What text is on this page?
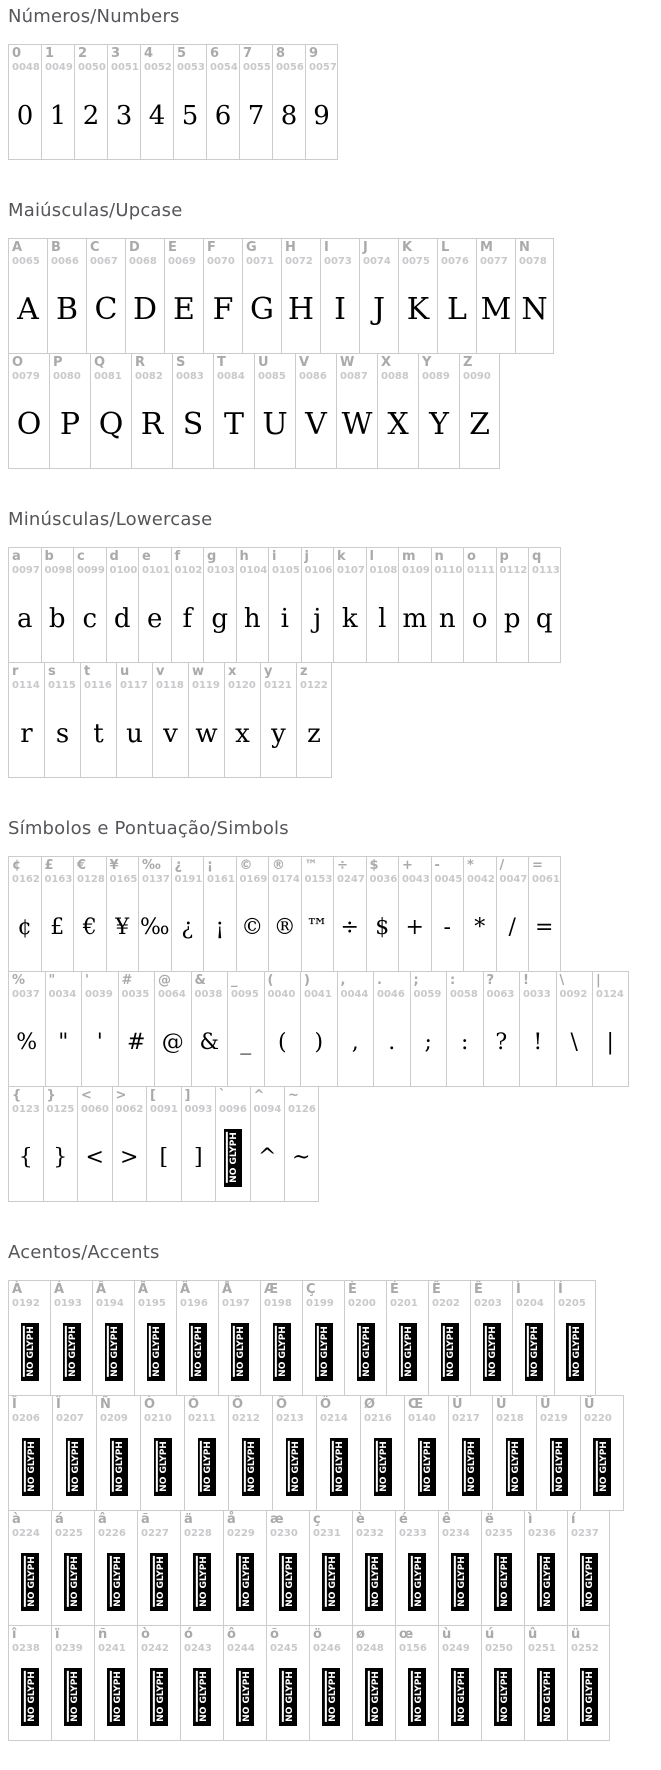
Números/Numbers
0
0048
0
1
0049
1
2
0050
2
3
0051
3
4
0052
4
5
0053
5
6
0054
6
7
0055
7
8
0056
8
9
0057
9
Maiúsculas/Upcase
A
0065
A
B
0066
B
C
0067
C
D
0068
D
E
0069
E
F
0070
F
G
0071
G
H
0072
H
I
0073
I
J
0074
J
K
0075
K
L
0076
L
M
0077
M
N
0078
N
O
0079
O
P
0080
P
Q
0081
Q
R
0082
R
S
0083
S
T
0084
T
U
0085
U
V
0086
V
W
0087
W
X
0088
X
Y
0089
Y
Z
0090
Z
Minúsculas/Lowercase
a
0097
a
b
0098
b
c
0099
c
d
0100
d
e
0101
e
f
0102
f
g
0103
g
h
0104
h
i
0105
i
j
0106
j
k
0107
k
l
0108
l
m
0109
m
n
0110
n
o
0111
o
p
0112
p
q
0113
q
r
0114
r
s
0115
s
t
0116
t
u
0117
u
v
0118
v
w
0119
w
x
0120
x
y
0121
y
z
0122
z
Símbolos e Pontuação/Simbols
¢
0162
¢
£
0163
£
€
0128
€
¥
0165
¥
‰
0137
‰
¿
0191
¿
¡
0161
¡
©
0169
©
®
0174
®
™
0153
™
÷
0247
÷
$
0036
$
+
0043
+
-
0045
-
*
0042
*
/
0047
/
=
0061
=
%
0037
%
"
0034
"
'
0039
'
#
0035
#
@
0064
@
&
0038
&
_
0095
_
(
0040
(
)
0041
)
,
0044
,
.
0046
.
;
0059
;
:
0058
:
?
0063
?
!
0033
!
\
0092
\
|
0124
|
{
0123
{
}
0125
}
<
0060
<
>
0062
>
[
0091
[
]
0093
]
`
0096
NO GLYPH
^
0094
^
~
0126
~
Acentos/Accents
À
0192
NO GLYPH
Á
0193
NO GLYPH
Â
0194
NO GLYPH
Ã
0195
NO GLYPH
Ä
0196
NO GLYPH
Å
0197
NO GLYPH
Æ
0198
NO GLYPH
Ç
0199
NO GLYPH
È
0200
NO GLYPH
É
0201
NO GLYPH
Ê
0202
NO GLYPH
Ë
0203
NO GLYPH
Ì
0204
NO GLYPH
Í
0205
NO GLYPH
Î
0206
NO GLYPH
Ï
0207
NO GLYPH
Ñ
0209
NO GLYPH
Ò
0210
NO GLYPH
Ó
0211
NO GLYPH
Ô
0212
NO GLYPH
Õ
0213
NO GLYPH
Ö
0214
NO GLYPH
Ø
0216
NO GLYPH
Œ
0140
NO GLYPH
Ù
0217
NO GLYPH
Ú
0218
NO GLYPH
Û
0219
NO GLYPH
Ü
0220
NO GLYPH
à
0224
NO GLYPH
á
0225
NO GLYPH
â
0226
NO GLYPH
ã
0227
NO GLYPH
ä
0228
NO GLYPH
å
0229
NO GLYPH
æ
0230
NO GLYPH
ç
0231
NO GLYPH
è
0232
NO GLYPH
é
0233
NO GLYPH
ê
0234
NO GLYPH
ë
0235
NO GLYPH
ì
0236
NO GLYPH
í
0237
NO GLYPH
î
0238
NO GLYPH
ï
0239
NO GLYPH
ñ
0241
NO GLYPH
ò
0242
NO GLYPH
ó
0243
NO GLYPH
ô
0244
NO GLYPH
õ
0245
NO GLYPH
ö
0246
NO GLYPH
ø
0248
NO GLYPH
œ
0156
NO GLYPH
ù
0249
NO GLYPH
ú
0250
NO GLYPH
û
0251
NO GLYPH
ü
0252
NO GLYPH
